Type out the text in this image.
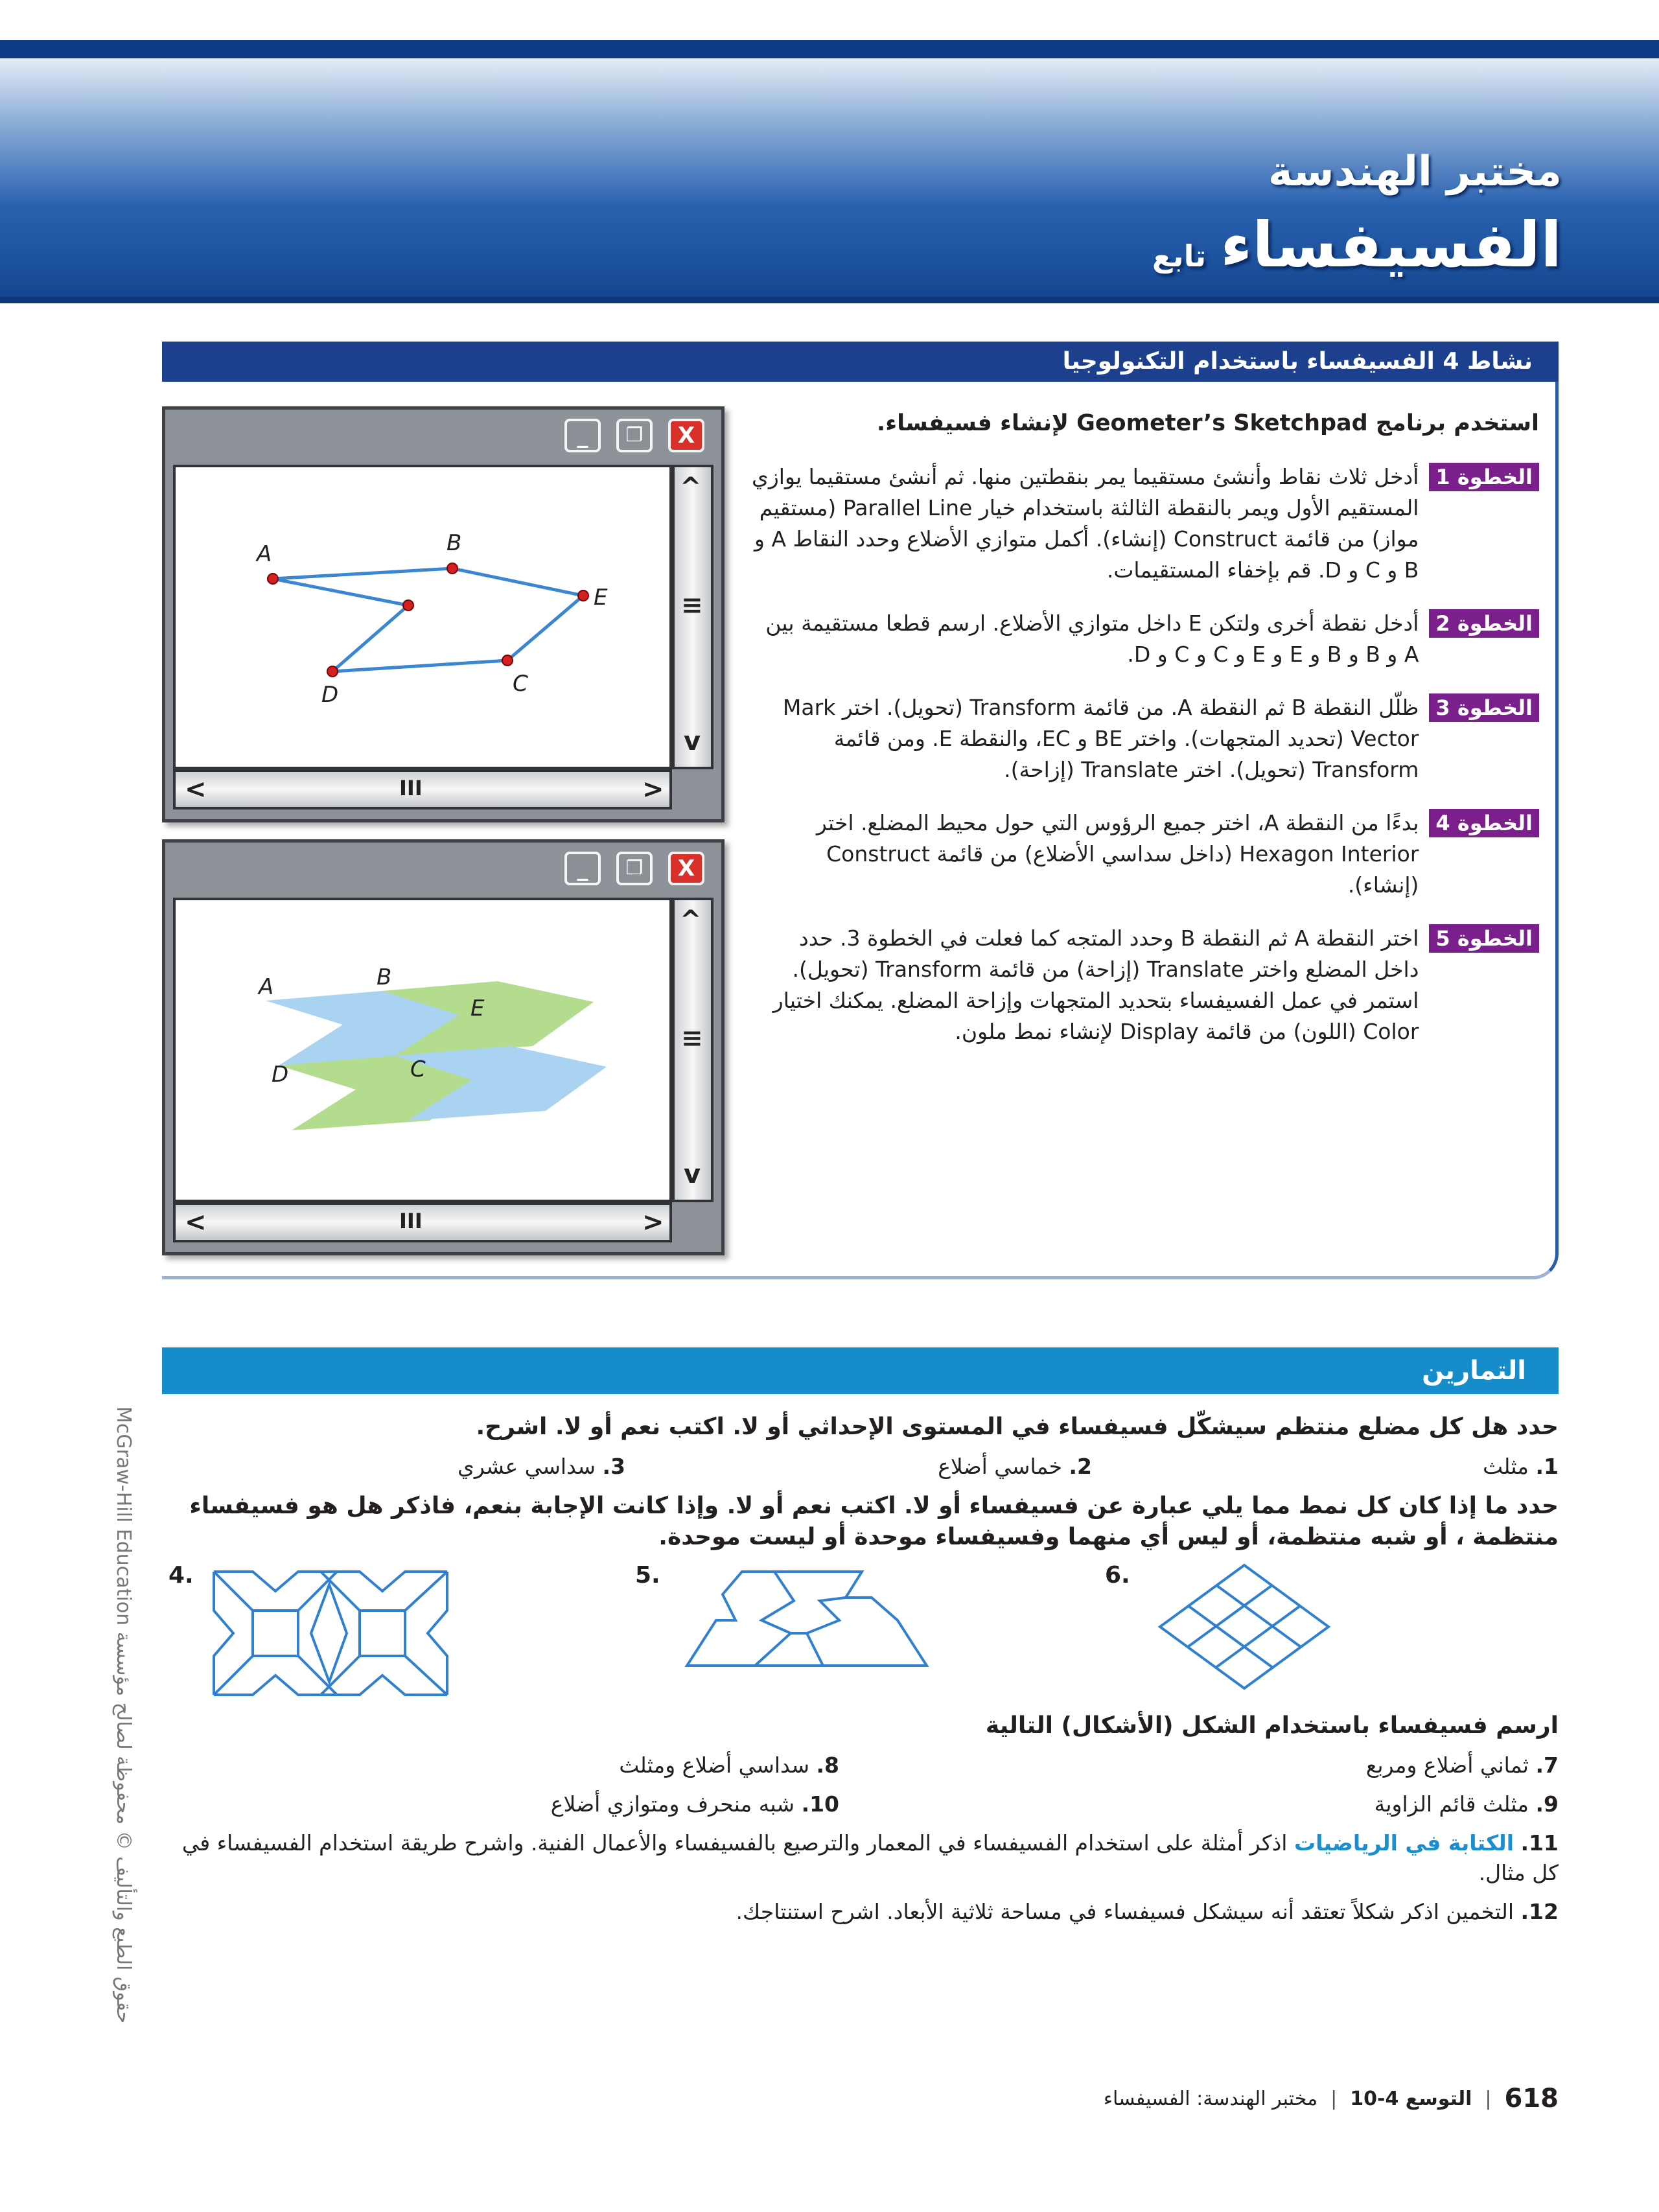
مختبر الهندسة
الفسيفساء
تابع
نشاط 4 الفسيفساء باستخدام التكنولوجيا
_	❐	X
A	B
E
C
D
^
≡
v
<	III	>
_	❐	X
A	B
E
C
D
^
≡
v
<	III	>
استخدم برنامج Geometer’s Sketchpad لإنشاء فسيفساء.
الخطوة 1
أدخل ثلاث نقاط وأنشئ مستقيما يمر بنقطتين منها. ثم أنشئ مستقيما يوازي المستقيم الأول ويمر بالنقطة الثالثة باستخدام خيار Parallel Line (مستقيم مواز) من قائمة Construct (إنشاء). أكمل متوازي الأضلاع وحدد النقاط A و B و C و D. قم بإخفاء المستقيمات.
الخطوة 2
أدخل نقطة أخرى ولتكن E داخل متوازي الأضلاع. ارسم قطعا مستقيمة بين A و B و B و E و E و C و C و D.
الخطوة 3
ظلّل النقطة B ثم النقطة A. من قائمة Transform (تحويل). اختر Mark Vector (تحديد المتجهات). واختر BE و EC، والنقطة E. ومن قائمة Transform (تحويل). اختر Translate (إزاحة).
الخطوة 4
بدءًا من النقطة A، اختر جميع الرؤوس التي حول محيط المضلع. اختر Hexagon Interior (داخل سداسي الأضلاع) من قائمة Construct (إنشاء).
الخطوة 5
اختر النقطة A ثم النقطة B وحدد المتجه كما فعلت في الخطوة 3. حدد داخل المضلع واختر Translate (إزاحة) من قائمة Transform (تحويل). استمر في عمل الفسيفساء بتحديد المتجهات وإزاحة المضلع. يمكنك اختيار Color (اللون) من قائمة Display لإنشاء نمط ملون.
التمارين
حدد هل كل مضلع منتظم سيشكّل فسيفساء في المستوى الإحداثي أو لا. اكتب نعم أو لا. اشرح.
1. مثلث
2. خماسي أضلاع
3. سداسي عشري
حدد ما إذا كان كل نمط مما يلي عبارة عن فسيفساء أو لا. اكتب نعم أو لا. وإذا كانت الإجابة بنعم، فاذكر هل هو فسيفساء منتظمة ، أو شبه منتظمة، أو ليس أي منهما وفسيفساء موحدة أو ليست موحدة.
4.	5.	6.
ارسم فسيفساء باستخدام الشكل (الأشكال) التالية
7. ثماني أضلاع ومربع
8. سداسي أضلاع ومثلث
9. مثلث قائم الزاوية
10. شبه منحرف ومتوازي أضلاع
11. الكتابة في الرياضيات اذكر أمثلة على استخدام الفسيفساء في المعمار والترصيع بالفسيفساء والأعمال الفنية. واشرح طريقة استخدام الفسيفساء في كل مثال.
12. التخمين اذكر شكلاً تعتقد أنه سيشكل فسيفساء في مساحة ثلاثية الأبعاد. اشرح استنتاجك.
McGraw-Hill Education حقوق الطبع والتأليف © محفوظة لصالح مؤسسة
618
|
التوسع 4-10
|
مختبر الهندسة: الفسيفساء
